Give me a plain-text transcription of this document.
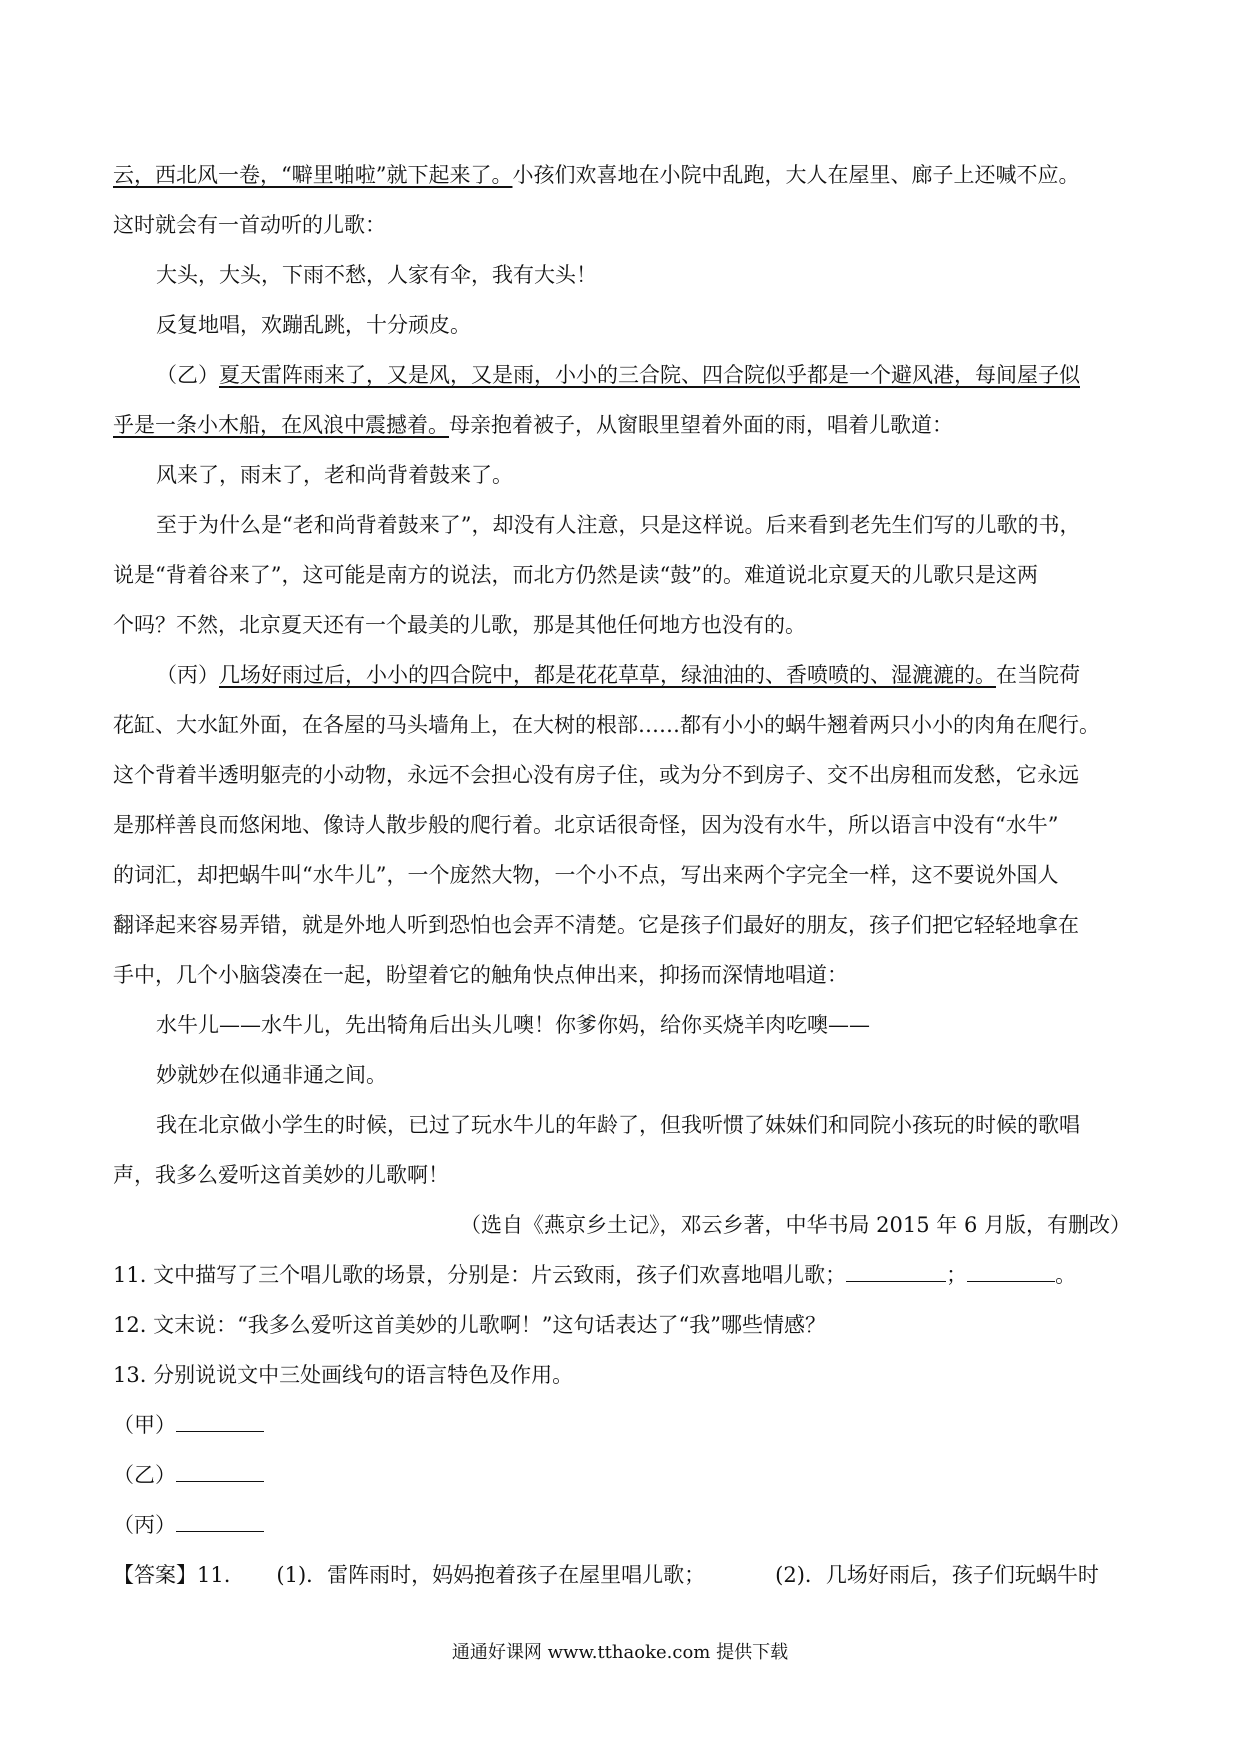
云，西北风一卷，“噼里啪啦”就下起来了。小孩们欢喜地在小院中乱跑，大人在屋里、廊子上还喊不应。

这时就会有一首动听的儿歌：

大头，大头，下雨不愁，人家有伞，我有大头！

反复地唱，欢蹦乱跳，十分顽皮。

（乙）夏天雷阵雨来了，又是风，又是雨，小小的三合院、四合院似乎都是一个避风港，每间屋子似

乎是一条小木船，在风浪中震撼着。母亲抱着被子，从窗眼里望着外面的雨，唱着儿歌道：

风来了，雨末了，老和尚背着鼓来了。

至于为什么是“老和尚背着鼓来了”，却没有人注意，只是这样说。后来看到老先生们写的儿歌的书，

说是“背着谷来了”，这可能是南方的说法，而北方仍然是读“鼓”的。难道说北京夏天的儿歌只是这两

个吗？不然，北京夏天还有一个最美的儿歌，那是其他任何地方也没有的。

（丙）几场好雨过后，小小的四合院中，都是花花草草，绿油油的、香喷喷的、湿漉漉的。在当院荷

花缸、大水缸外面，在各屋的马头墙角上，在大树的根部……都有小小的蜗牛翘着两只小小的肉角在爬行。

这个背着半透明躯壳的小动物，永远不会担心没有房子住，或为分不到房子、交不出房租而发愁，它永远

是那样善良而悠闲地、像诗人散步般的爬行着。北京话很奇怪，因为没有水牛，所以语言中没有“水牛”

的词汇，却把蜗牛叫“水牛儿”，一个庞然大物，一个小不点，写出来两个字完全一样，这不要说外国人

翻译起来容易弄错，就是外地人听到恐怕也会弄不清楚。它是孩子们最好的朋友，孩子们把它轻轻地拿在

手中，几个小脑袋凑在一起，盼望着它的触角快点伸出来，抑扬而深情地唱道：

水牛儿——水牛儿，先出犄角后出头儿噢！你爹你妈，给你买烧羊肉吃噢——

妙就妙在似通非通之间。

我在北京做小学生的时候，已过了玩水牛儿的年龄了，但我听惯了妹妹们和同院小孩玩的时候的歌唱

声，我多么爱听这首美妙的儿歌啊！

（选自《燕京乡土记》，邓云乡著，中华书局 2015 年 6 月版，有删改）

11. 文中描写了三个唱儿歌的场景，分别是：片云致雨，孩子们欢喜地唱儿歌；	；	。

12. 文末说：“我多么爱听这首美妙的儿歌啊！”这句话表达了“我”哪些情感？

13. 分别说说文中三处画线句的语言特色及作用。

（甲）

（乙）

（丙）

【答案】11. (1)．雷阵雨时，妈妈抱着孩子在屋里唱儿歌；	(2)．几场好雨后，孩子们玩蜗牛时

通通好课网 www.tthaoke.com 提供下载
